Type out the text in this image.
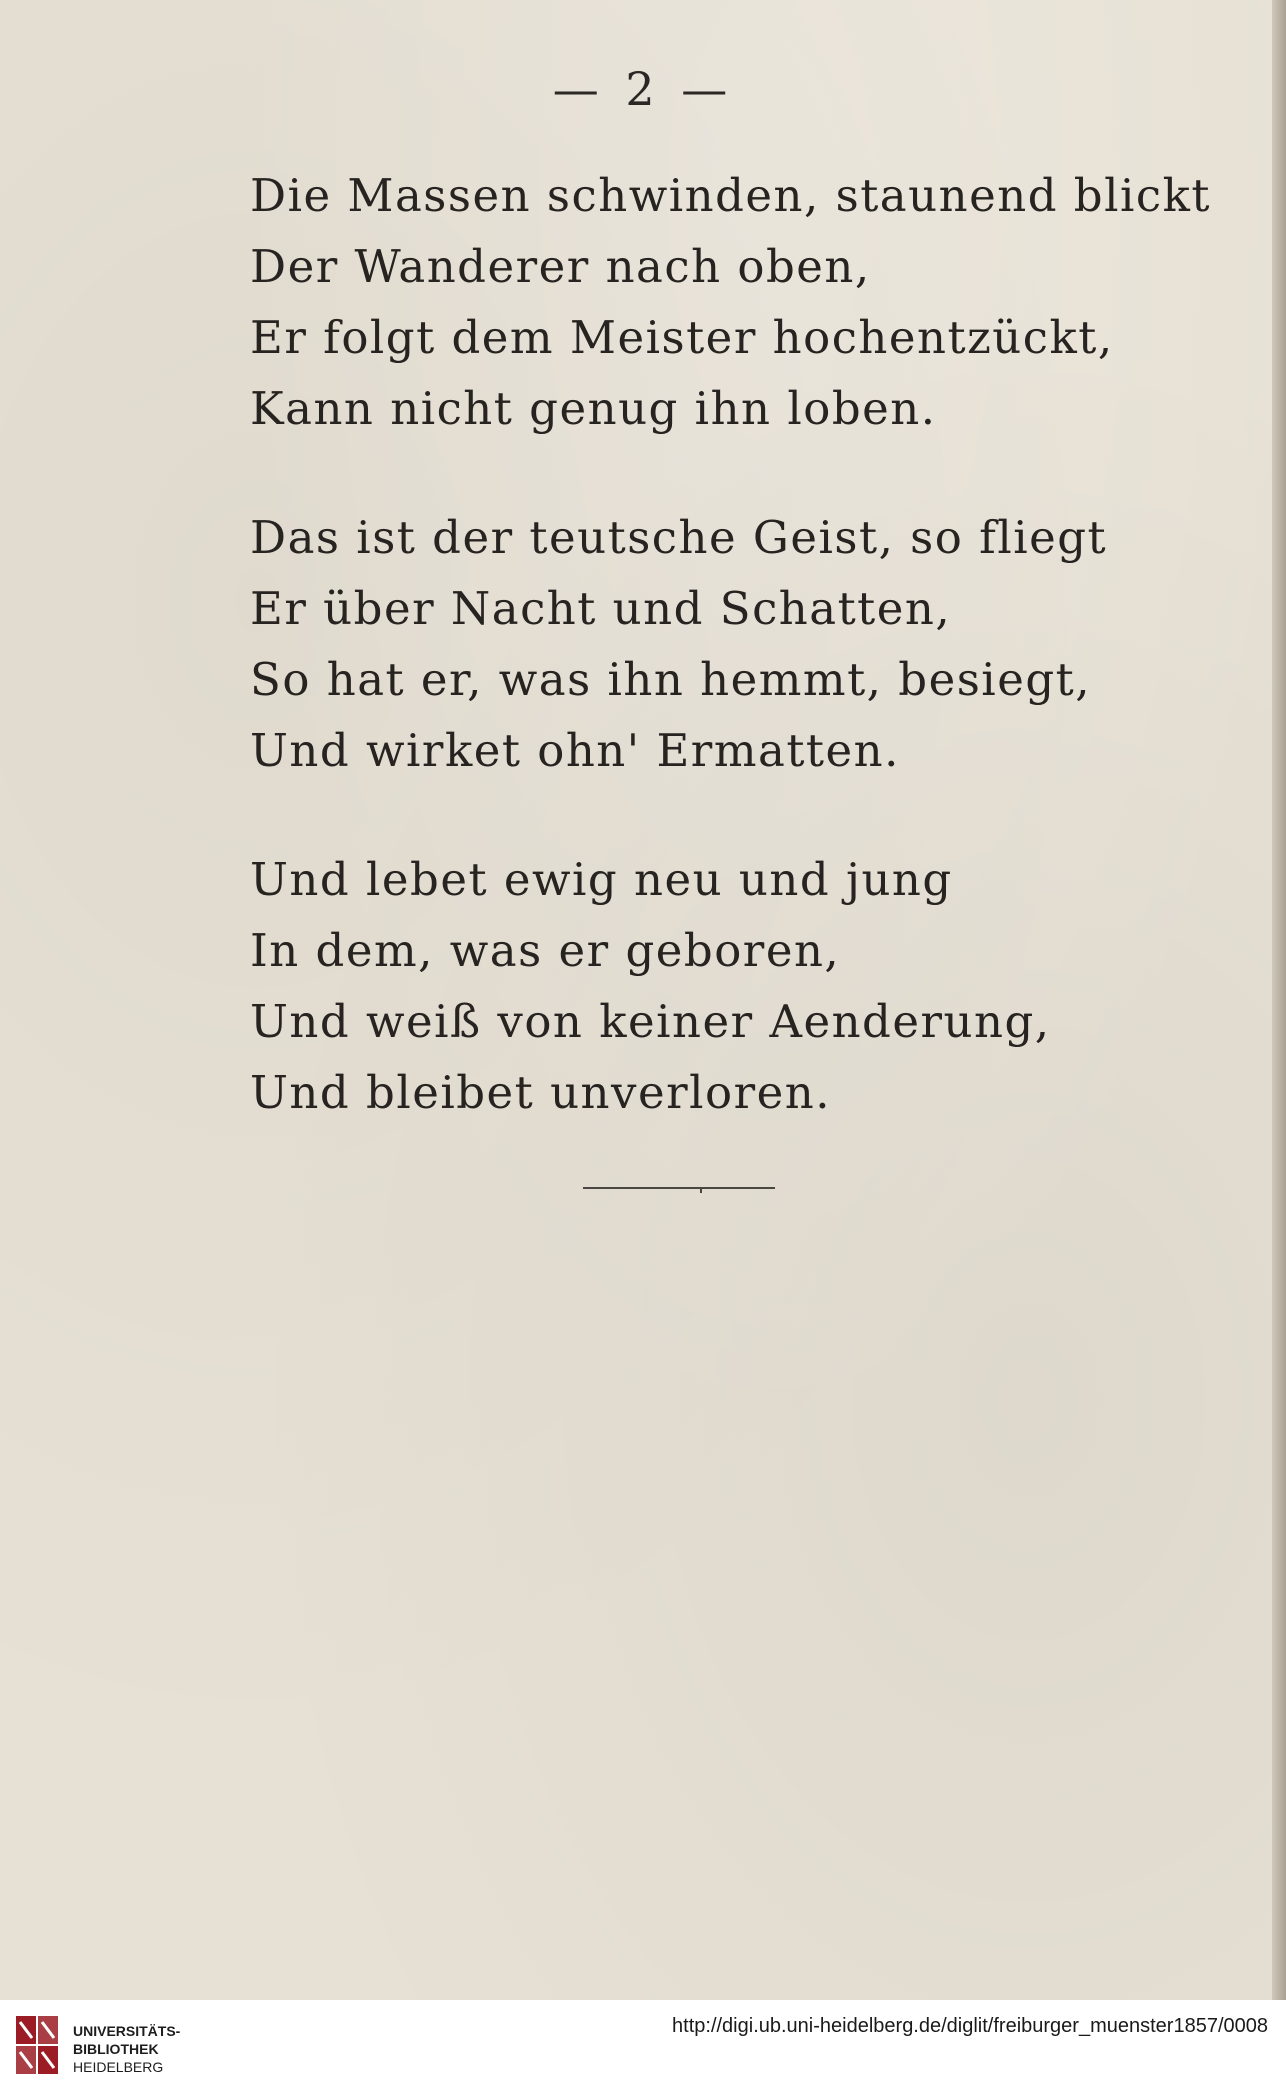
— 2 —
Die Massen schwinden, staunend blickt
Der Wanderer nach oben,
Er folgt dem Meister hochentzückt,
Kann nicht genug ihn loben.
Das ist der teutsche Geist, so fliegt
Er über Nacht und Schatten,
So hat er, was ihn hemmt, besiegt,
Und wirket ohn' Ermatten.
Und lebet ewig neu und jung
In dem, was er geboren,
Und weiß von keiner Aenderung,
Und bleibet unverloren.
UNIVERSITÄTS-
BIBLIOTHEK
HEIDELBERG
http://digi.ub.uni-heidelberg.de/diglit/freiburger_muenster1857/0008
